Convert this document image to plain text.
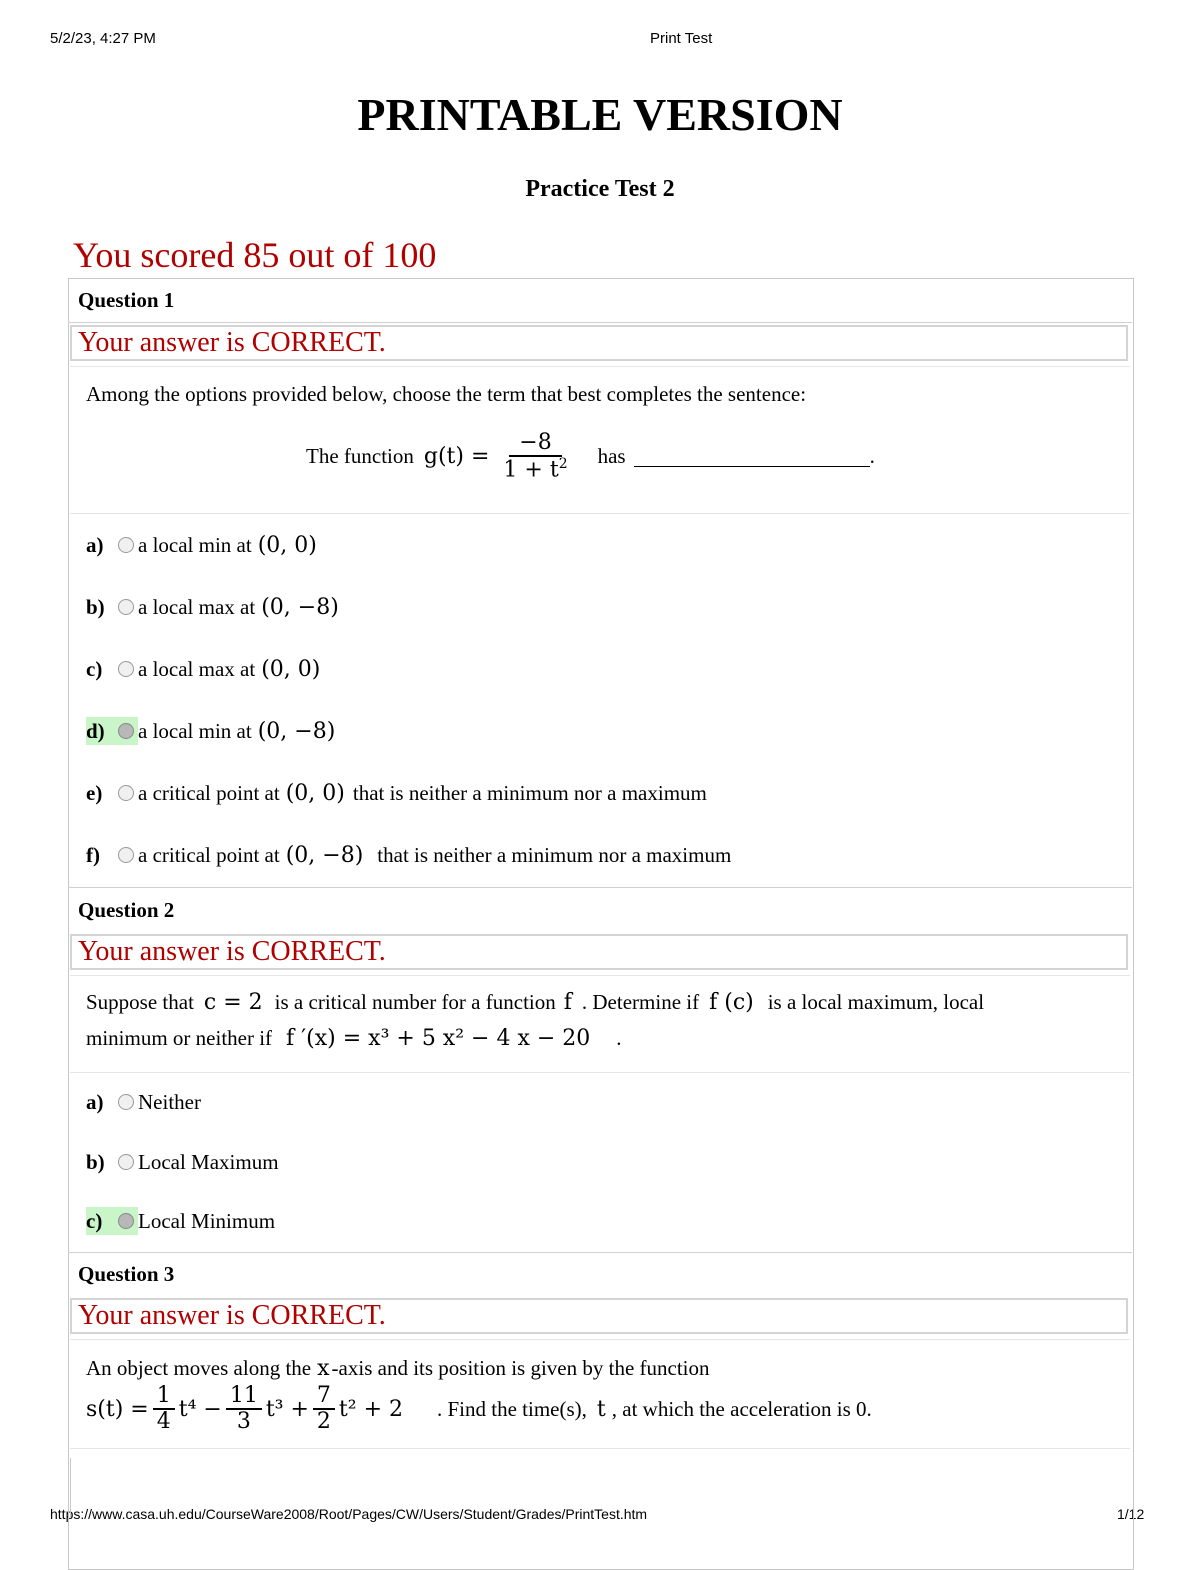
5/2/23, 4:27 PM	Print Test
https://www.casa.uh.edu/CourseWare2008/Root/Pages/CW/Users/Student/Grades/PrintTest.htm	1/12
PRINTABLE VERSION
Practice Test 2
You scored 85 out of 100
Question 1
Your answer is CORRECT.
Among the options provided below, choose the term that best completes the sentence:
The function $g(t) = \frac{-8}{1 + t^2}$ has	.
a)	a local min at (0, 0)
b)	a local max at (0, −8)
c)	a local max at (0, 0)
d)	a local min at (0, −8)
e)	a critical point at (0, 0) that is neither a minimum nor a maximum
f)	a critical point at (0, −8) that is neither a minimum nor a maximum
Question 2
Your answer is CORRECT.
Suppose that c = 2 is a critical number for a function f . Determine if f (c) is a local maximum, local
minimum or neither if f ′(x) = x³ + 5 x² − 4 x − 20 .
a)	Neither
b)	Local Maximum
c)	Local Minimum
Question 3
Your answer is CORRECT.
An object moves along the x -axis and its position is given by the function
$s(t) = \frac{1}{4} t^4 - \frac{11}{3} t^3 + \frac{7}{2} t^2 + 2$ . Find the time(s), t , at which the acceleration is 0.
